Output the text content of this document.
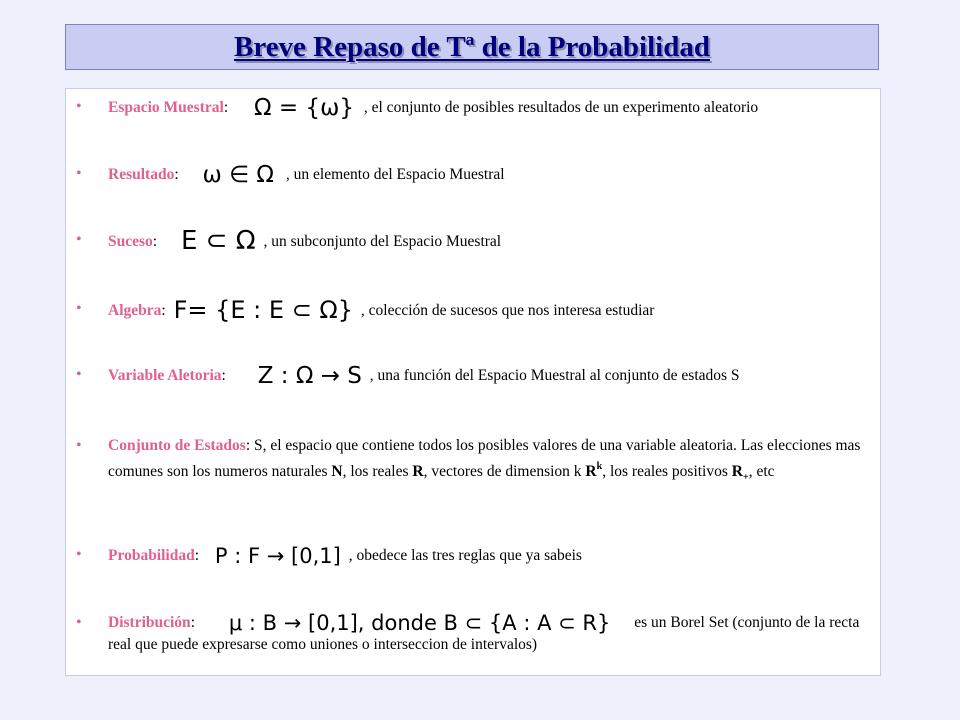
Breve Repaso de Tª de la Probabilidad
• Espacio Muestral: Ω = {ω} , el conjunto de posibles resultados de un experimento aleatorio
• Resultado: ω ∈ Ω , un elemento del Espacio Muestral
• Suceso: E ⊂ Ω , un subconjunto del Espacio Muestral
• Algebra: F= {E : E ⊂ Ω} , colección de sucesos que nos interesa estudiar
• Variable Aletoria: Z : Ω → S , una función del Espacio Muestral al conjunto de estados S
• Conjunto de Estados: S, el espacio que contiene todos los posibles valores de una variable aleatoria. Las elecciones mas comunes son los numeros naturales N, los reales R, vectores de dimension k $R^k$, los reales positivos $R_+$, etc
• Probabilidad: P : F → [0,1] , obedece las tres reglas que ya sabeis
• Distribución: μ : B → [0,1], donde B ⊂ {A : A ⊂ R} es un Borel Set (conjunto de la recta real que puede expresarse como uniones o interseccion de intervalos)
